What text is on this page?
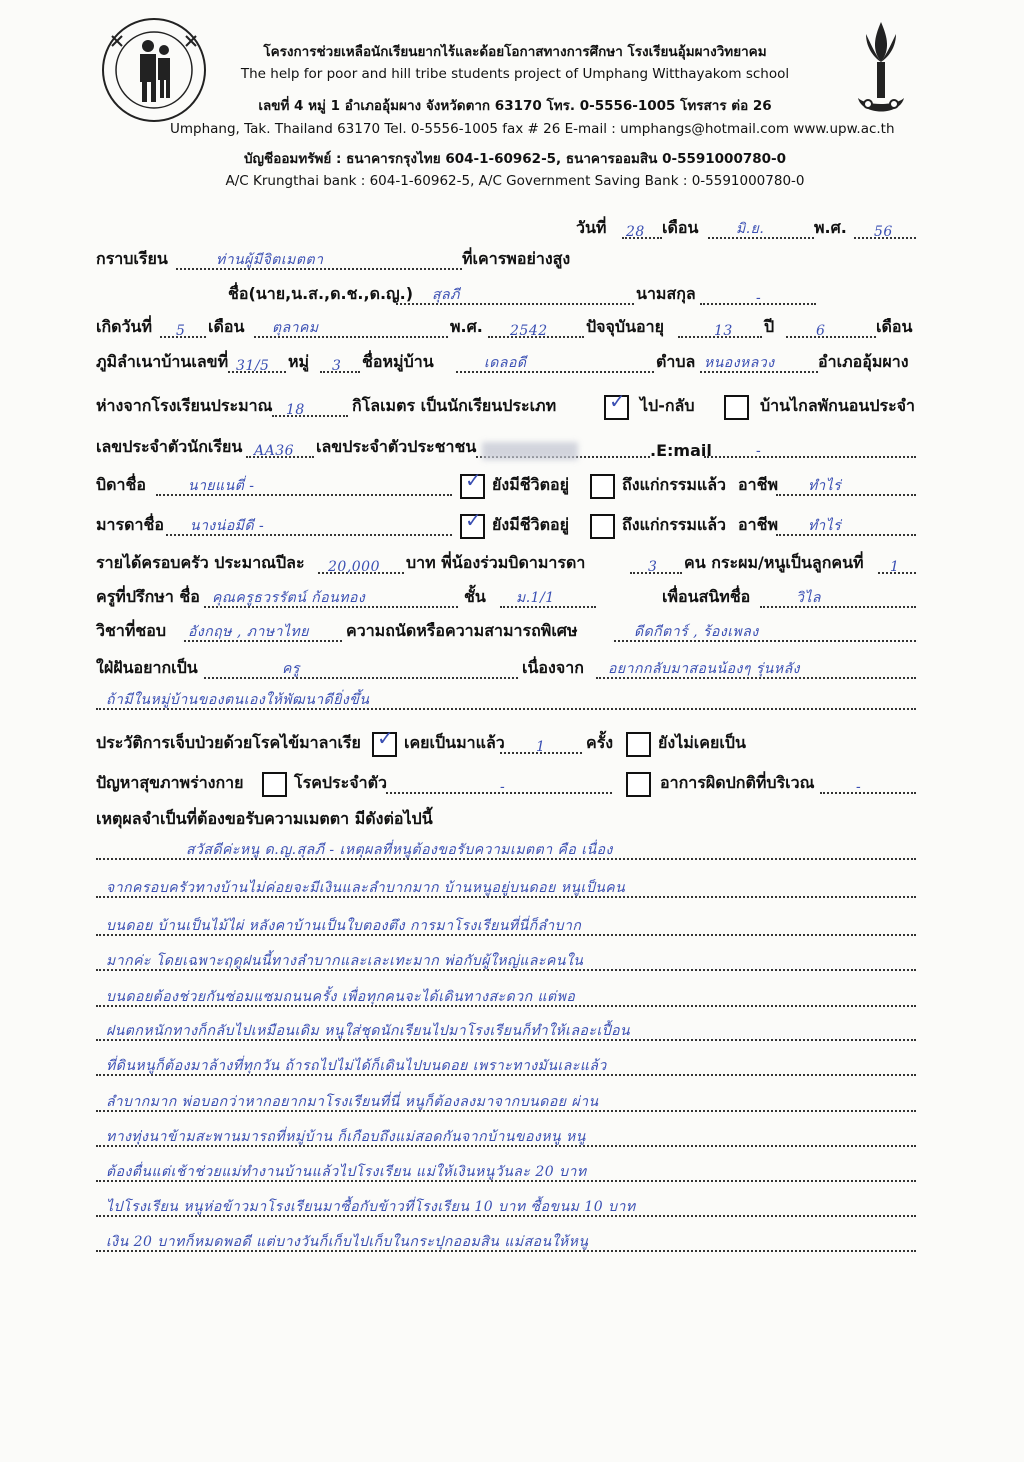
โครงการช่วยเหลือนักเรียนยากไร้และด้อยโอกาสทางการศึกษา โรงเรียนอุ้มผางวิทยาคม
The help for poor and hill tribe students project of Umphang Witthayakom school
เลขที่ 4 หมู่ 1 อำเภออุ้มผาง จังหวัดตาก 63170 โทร. 0-5556-1005 โทรสาร ต่อ 26
Umphang, Tak. Thailand 63170 Tel. 0-5556-1005 fax # 26 E-mail : umphangs@hotmail.com www.upw.ac.th
บัญชีออมทรัพย์ : ธนาคารกรุงไทย 604-1-60962-5, ธนาคารออมสิน 0-5591000780-0
A/C Krungthai bank : 604-1-60962-5, A/C Government Saving Bank : 0-5591000780-0
วันที่ 28 เดือน	มิ.ย.	พ.ศ. 56
กราบเรียน	ท่านผู้มีจิตเมตตา	ที่เคารพอย่างสูง
ชื่อ(นาย,น.ส.,ด.ช.,ด.ญ.) สุลภี	นามสกุล	-
เกิดวันที่ 5 เดือน ตุลาคม	พ.ศ. 2542 ปัจจุบันอายุ	13 ปี	6	เดือน
ภูมิลำเนาบ้านเลขที่ 31/5 หมู่ 3 ชื่อหมู่บ้าน	เดลอดี	ตำบล หนองหลวง	อำเภออุ้มผาง
ห่างจากโรงเรียนประมาณ 18	กิโลเมตร เป็นนักเรียนประเภท	✓ ไป-กลับ	บ้านไกลพักนอนประจำ
เลขประจำตัวนักเรียน AA36 เลขประจำตัวประชาชน	.E:mail	-
บิดาชื่อ	นายแนตี่ -	✓ ยังมีชีวิตอยู่	ถึงแก่กรรมแล้ว อาชีพ ทำไร่
มารดาชื่อ นางน่อมีดี -	✓ ยังมีชีวิตอยู่	ถึงแก่กรรมแล้ว อาชีพ ทำไร่
รายได้ครอบครัว ประมาณปีละ 20,000 บาท พี่น้องร่วมบิดามารดา	3 คน กระผม/หนูเป็นลูกคนที่ 1
ครูที่ปรึกษา ชื่อ คุณครูธวรรัตน์ ก้อนทอง	ชั้น ม.1/1	เพื่อนสนิทชื่อ	วิไล
วิชาที่ชอบ อังกฤษ , ภาษาไทย ความถนัดหรือความสามารถพิเศษ	ดีดกีตาร์ , ร้องเพลง
ใฝ่ฝันอยากเป็น	ครู	เนื่องจาก อยากกลับมาสอนน้องๆ รุ่นหลัง
ถ้ามีในหมู่บ้านของตนเองให้พัฒนาดียิ่งขึ้น
ประวัติการเจ็บป่วยด้วยโรคไข้มาลาเรีย ✓ เคยเป็นมาแล้ว 1	ครั้ง	ยังไม่เคยเป็น
ปัญหาสุขภาพร่างกาย	โรคประจำตัว	-	อาการผิดปกติที่บริเวณ	-
เหตุผลจำเป็นที่ต้องขอรับความเมตตา มีดังต่อไปนี้
สวัสดีค่ะหนู ด.ญ.สุลภี - เหตุผลที่หนูต้องขอรับความเมตตา คือ เนื่อง
จากครอบครัวทางบ้านไม่ค่อยจะมีเงินและลำบากมาก บ้านหนูอยู่บนดอย หนูเป็นคน
บนดอย บ้านเป็นไม้ไผ่ หลังคาบ้านเป็นใบตองตึง การมาโรงเรียนที่นี่ก็ลำบาก
มากค่ะ โดยเฉพาะฤดูฝนนี้ทางลำบากและเละเทะมาก พ่อกับผู้ใหญ่และคนใน
บนดอยต้องช่วยกันซ่อมแซมถนนครั้ง เพื่อทุกคนจะได้เดินทางสะดวก แต่พอ
ฝนตกหนักทางก็กลับไปเหมือนเดิม หนูใส่ชุดนักเรียนไปมาโรงเรียนก็ทำให้เลอะเปื้อน
ที่ดินหนูก็ต้องมาล้างที่ทุกวัน ถ้ารถไปไม่ได้ก็เดินไปบนดอย เพราะทางมันเละแล้ว
ลำบากมาก พ่อบอกว่าหากอยากมาโรงเรียนที่นี่ หนูก็ต้องลงมาจากบนดอย ผ่าน
ทางทุ่งนาข้ามสะพานมารถที่หมู่บ้าน ก็เกือบถึงแม่สอดกันจากบ้านของหนู หนู
ต้องตื่นแต่เช้าช่วยแม่ทำงานบ้านแล้วไปโรงเรียน แม่ให้เงินหนูวันละ 20 บาท
ไปโรงเรียน หนูห่อข้าวมาโรงเรียนมาซื้อกับข้าวที่โรงเรียน 10 บาท ซื้อขนม 10 บาท
เงิน 20 บาทก็หมดพอดี แต่บางวันก็เก็บไปเก็บในกระปุกออมสิน แม่สอนให้หนู
